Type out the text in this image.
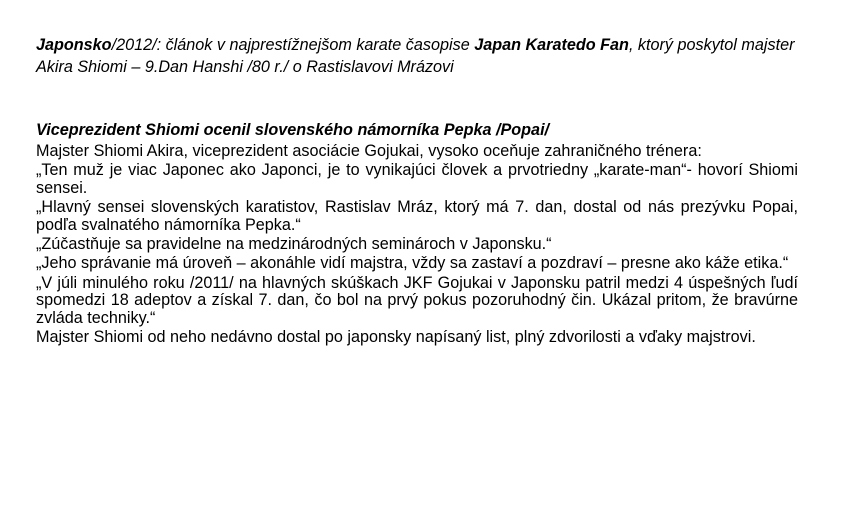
Japonsko/2012/: článok v najprestížnejšom karate časopise Japan Karatedo Fan, ktorý poskytol majster Akira Shiomi – 9.Dan Hanshi /80 r./ o Rastislavovi Mrázovi

Viceprezident Shiomi ocenil slovenského námorníka Pepka /Popai/

Majster Shiomi Akira, viceprezident asociácie Gojukai, vysoko oceňuje zahraničného trénera:

„Ten muž je viac Japonec ako Japonci, je to vynikajúci človek a prvotriedny „karate-man“- hovorí Shiomi sensei.

„Hlavný sensei slovenských karatistov, Rastislav Mráz, ktorý má 7. dan, dostal od nás prezývku Popai, podľa svalnatého námorníka Pepka.“

„Zúčastňuje sa pravidelne na medzinárodných seminároch v Japonsku.“

„Jeho správanie má úroveň – akonáhle vidí majstra, vždy sa zastaví a pozdraví – presne ako káže etika.“

„V júli minulého roku /2011/ na hlavných skúškach JKF Gojukai v Japonsku patril medzi 4 úspešných ľudí spomedzi 18 adeptov a získal 7. dan, čo bol na prvý pokus pozoruhodný čin. Ukázal pritom, že bravúrne zvláda techniky.“

Majster Shiomi od neho nedávno dostal po japonsky napísaný list, plný zdvorilosti a vďaky majstrovi.
